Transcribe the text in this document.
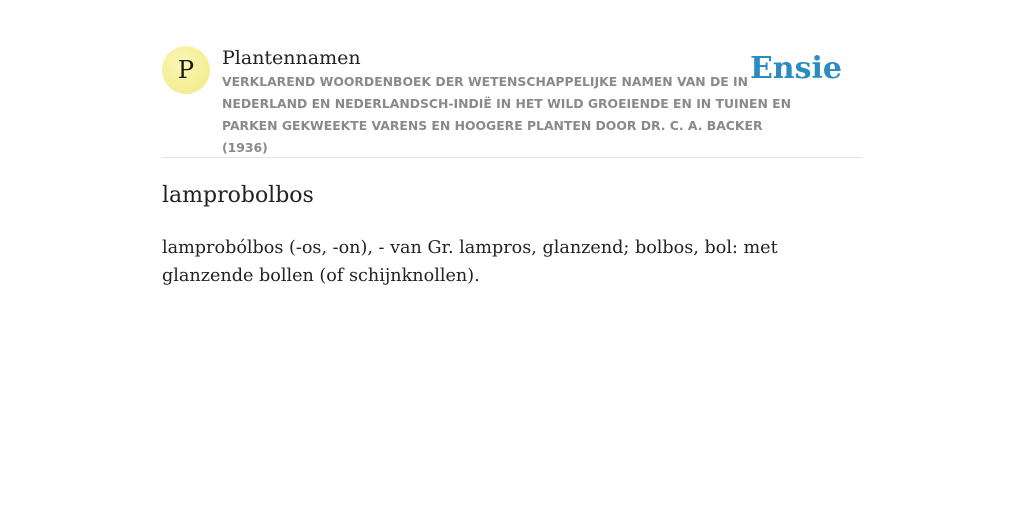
P	Plantennamen
VERKLAREND WOORDENBOEK DER WETENSCHAPPELIJKE NAMEN VAN DE IN NEDERLAND EN NEDERLANDSCH-INDIË IN HET WILD GROEIENDE EN IN TUINEN EN PARKEN GEKWEEKTE VARENS EN HOOGERE PLANTEN DOOR DR. C. A. BACKER (1936)
Ensie
lamprobolbos

lamprobólbos (-os, -on), - van Gr. lampros, glanzend; bolbos, bol: met glanzende bollen (of schijnknollen).
